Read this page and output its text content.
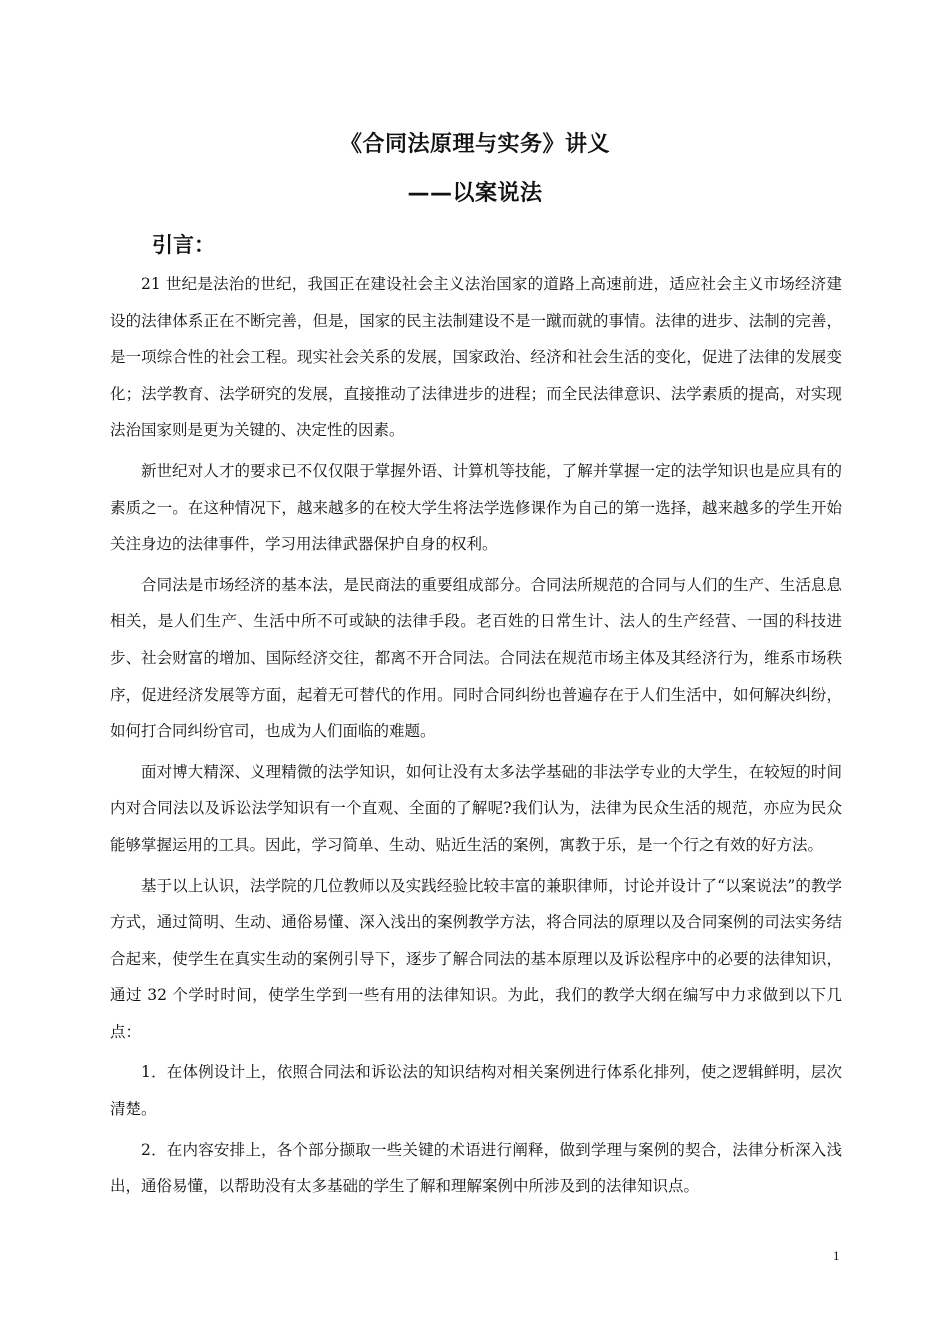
《合同法原理与实务》讲义
——以案说法
引言：

21 世纪是法治的世纪，我国正在建设社会主义法治国家的道路上高速前进，适应社会主义市场经济建设的法律体系正在不断完善，但是，国家的民主法制建设不是一蹴而就的事情。法律的进步、法制的完善，是一项综合性的社会工程。现实社会关系的发展，国家政治、经济和社会生活的变化，促进了法律的发展变化；法学教育、法学研究的发展，直接推动了法律进步的进程；而全民法律意识、法学素质的提高，对实现法治国家则是更为关键的、决定性的因素。

新世纪对人才的要求已不仅仅限于掌握外语、计算机等技能，了解并掌握一定的法学知识也是应具有的素质之一。在这种情况下，越来越多的在校大学生将法学选修课作为自己的第一选择，越来越多的学生开始关注身边的法律事件，学习用法律武器保护自身的权利。

合同法是市场经济的基本法，是民商法的重要组成部分。合同法所规范的合同与人们的生产、生活息息相关，是人们生产、生活中所不可或缺的法律手段。老百姓的日常生计、法人的生产经营、一国的科技进步、社会财富的增加、国际经济交往，都离不开合同法。合同法在规范市场主体及其经济行为，维系市场秩序，促进经济发展等方面，起着无可替代的作用。同时合同纠纷也普遍存在于人们生活中，如何解决纠纷，如何打合同纠纷官司，也成为人们面临的难题。

面对博大精深、义理精微的法学知识，如何让没有太多法学基础的非法学专业的大学生，在较短的时间内对合同法以及诉讼法学知识有一个直观、全面的了解呢?我们认为，法律为民众生活的规范，亦应为民众能够掌握运用的工具。因此，学习简单、生动、贴近生活的案例，寓教于乐，是一个行之有效的好方法。

基于以上认识，法学院的几位教师以及实践经验比较丰富的兼职律师，讨论并设计了“以案说法”的教学方式，通过简明、生动、通俗易懂、深入浅出的案例教学方法，将合同法的原理以及合同案例的司法实务结合起来，使学生在真实生动的案例引导下，逐步了解合同法的基本原理以及诉讼程序中的必要的法律知识，通过 32 个学时时间，使学生学到一些有用的法律知识。为此，我们的教学大纲在编写中力求做到以下几点：

1．在体例设计上，依照合同法和诉讼法的知识结构对相关案例进行体系化排列，使之逻辑鲜明，层次清楚。

2．在内容安排上，各个部分撷取一些关键的术语进行阐释，做到学理与案例的契合，法律分析深入浅出，通俗易懂，以帮助没有太多基础的学生了解和理解案例中所涉及到的法律知识点。

1
